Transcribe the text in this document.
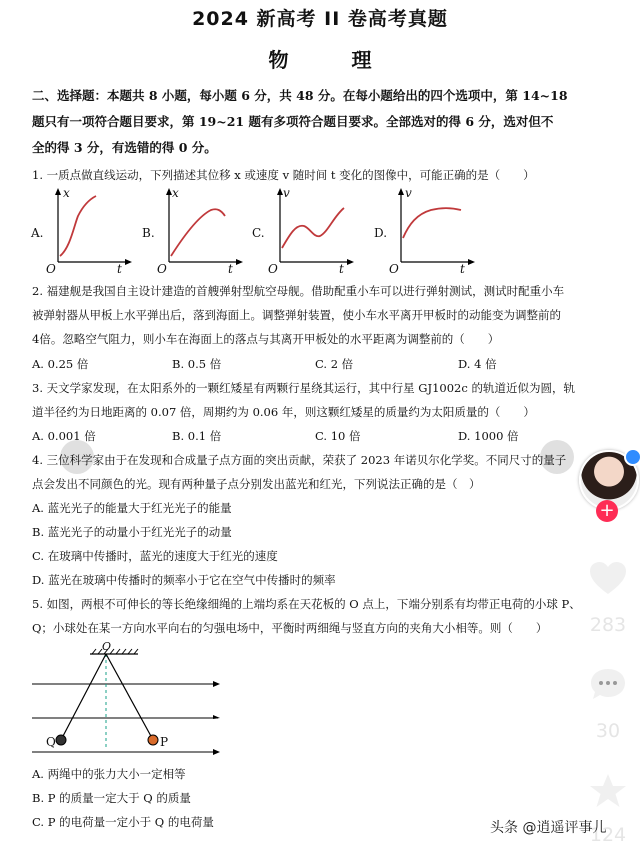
2024 新高考 II 卷高考真题
物 理
二、选择题：本题共 8 小题，每小题 6 分，共 48 分。在每小题给出的四个选项中，第 14~18
题只有一项符合题目要求，第 19~21 题有多项符合题目要求。全部选对的得 6 分，选对但不
全的得 3 分，有选错的得 0 分。
1. 一质点做直线运动，下列描述其位移 x 或速度 v 随时间 t 变化的图像中，可能正确的是（　　）
A.
x
O	t
B.
x
O	t
C.
v
O	t
D.
v
O	t
2. 福建舰是我国自主设计建造的首艘弹射型航空母舰。借助配重小车可以进行弹射测试，测试时配重小车
被弹射器从甲板上水平弹出后，落到海面上。调整弹射装置，使小车水平离开甲板时的动能变为调整前的
4倍。忽略空气阻力，则小车在海面上的落点与其离开甲板处的水平距离为调整前的（　　）
A. 0.25 倍	B. 0.5 倍	C. 2 倍	D. 4 倍
3. 天文学家发现，在太阳系外的一颗红矮星有两颗行星绕其运行，其中行星 GJ1002c 的轨道近似为圆，轨
道半径约为日地距离的 0.07 倍，周期约为 0.06 年，则这颗红矮星的质量约为太阳质量的（　　）
A. 0.001 倍	B. 0.1 倍	C. 10 倍	D. 1000 倍
4. 三位科学家由于在发现和合成量子点方面的突出贡献，荣获了 2023 年诺贝尔化学奖。不同尺寸的量子
点会发出不同颜色的光。现有两种量子点分别发出蓝光和红光，下列说法正确的是（　）
A. 蓝光光子的能量大于红光光子的能量
B. 蓝光光子的动量小于红光光子的动量
C. 在玻璃中传播时，蓝光的速度大于红光的速度
D. 蓝光在玻璃中传播时的频率小于它在空气中传播时的频率
5. 如图，两根不可伸长的等长绝缘细绳的上端均系在天花板的 O 点上，下端分别系有均带正电荷的小球 P、
Q；小球处在某一方向水平向右的匀强电场中，平衡时两细绳与竖直方向的夹角大小相等。则（　　）
O
Q	P
A. 两绳中的张力大小一定相等
B. P 的质量一定大于 Q 的质量
C. P 的电荷量一定小于 Q 的电荷量
+
283
30
124
头条 @逍遥评事儿
